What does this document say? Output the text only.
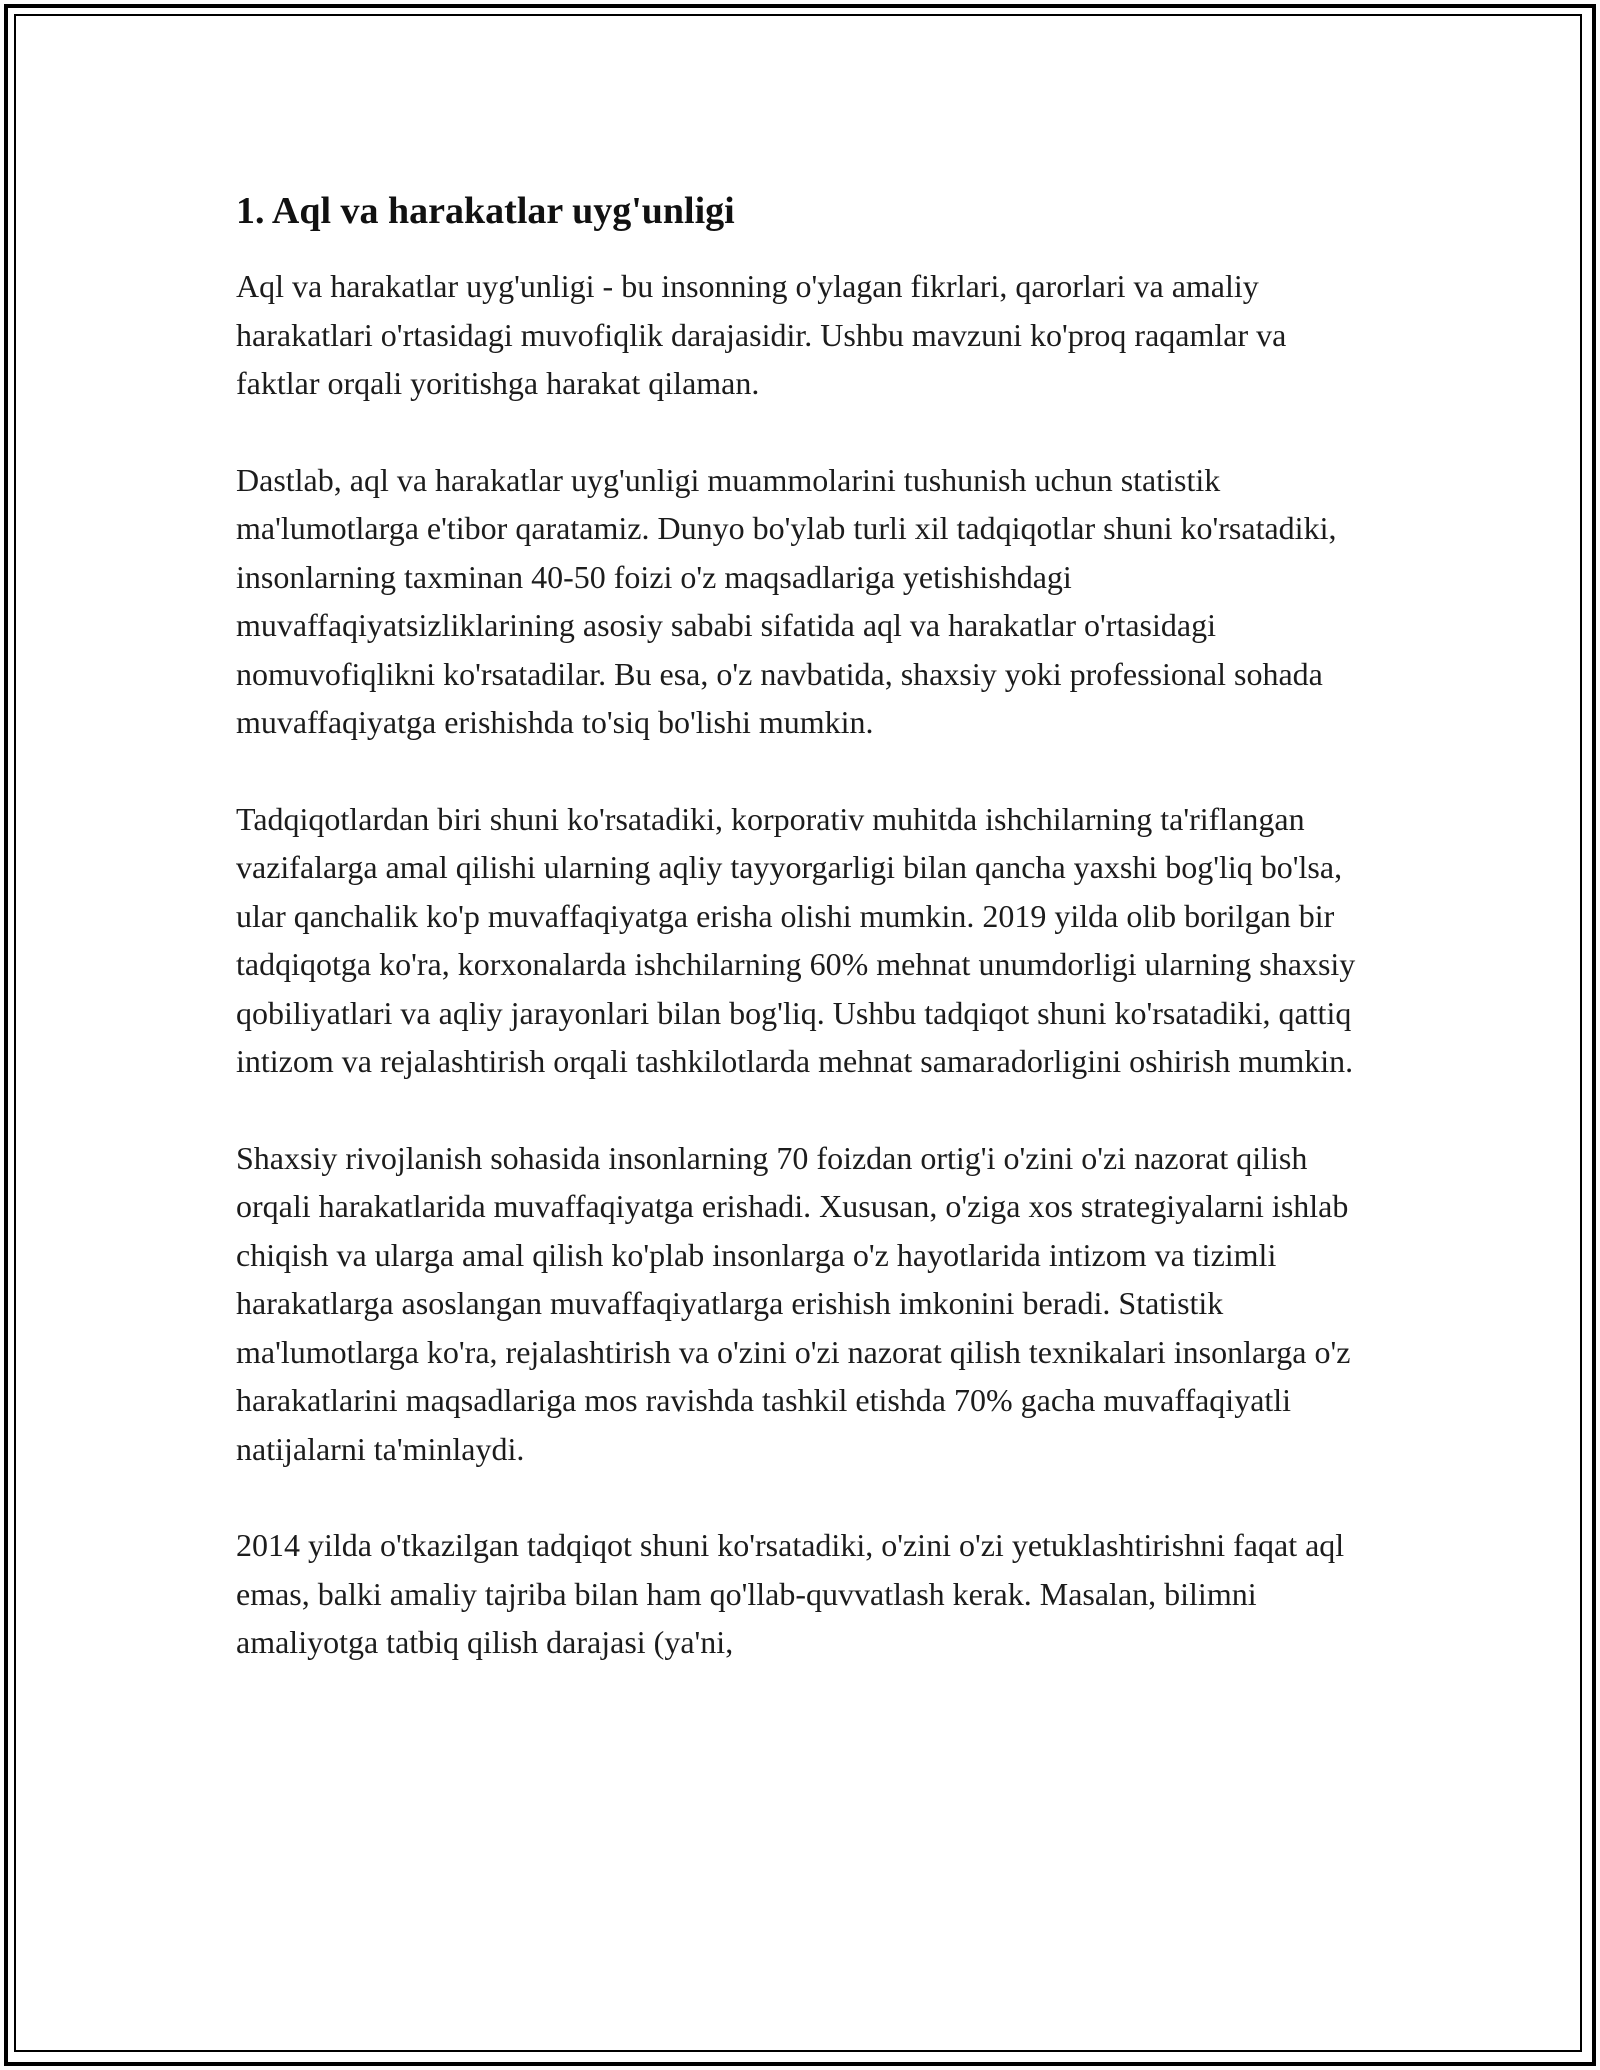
1. Aql va harakatlar uyg'unligi

Aql va harakatlar uyg'unligi - bu insonning o'ylagan fikrlari, qarorlari va amaliy harakatlari o'rtasidagi muvofiqlik darajasidir. Ushbu mavzuni ko'proq raqamlar va faktlar orqali yoritishga harakat qilaman.

Dastlab, aql va harakatlar uyg'unligi muammolarini tushunish uchun statistik ma'lumotlarga e'tibor qaratamiz. Dunyo bo'ylab turli xil tadqiqotlar shuni ko'rsatadiki, insonlarning taxminan 40-50 foizi o'z maqsadlariga yetishishdagi muvaffaqiyatsizliklarining asosiy sababi sifatida aql va harakatlar o'rtasidagi nomuvofiqlikni ko'rsatadilar. Bu esa, o'z navbatida, shaxsiy yoki professional sohada muvaffaqiyatga erishishda to'siq bo'lishi mumkin.

Tadqiqotlardan biri shuni ko'rsatadiki, korporativ muhitda ishchilarning ta'riflangan vazifalarga amal qilishi ularning aqliy tayyorgarligi bilan qancha yaxshi bog'liq bo'lsa, ular qanchalik ko'p muvaffaqiyatga erisha olishi mumkin. 2019 yilda olib borilgan bir tadqiqotga ko'ra, korxonalarda ishchilarning 60% mehnat unumdorligi ularning shaxsiy qobiliyatlari va aqliy jarayonlari bilan bog'liq. Ushbu tadqiqot shuni ko'rsatadiki, qattiq intizom va rejalashtirish orqali tashkilotlarda mehnat samaradorligini oshirish mumkin.

Shaxsiy rivojlanish sohasida insonlarning 70 foizdan ortig'i o'zini o'zi nazorat qilish orqali harakatlarida muvaffaqiyatga erishadi. Xususan, o'ziga xos strategiyalarni ishlab chiqish va ularga amal qilish ko'plab insonlarga o'z hayotlarida intizom va tizimli harakatlarga asoslangan muvaffaqiyatlarga erishish imkonini beradi. Statistik ma'lumotlarga ko'ra, rejalashtirish va o'zini o'zi nazorat qilish texnikalari insonlarga o'z harakatlarini maqsadlariga mos ravishda tashkil etishda 70% gacha muvaffaqiyatli natijalarni ta'minlaydi.

2014 yilda o'tkazilgan tadqiqot shuni ko'rsatadiki, o'zini o'zi yetuklashtirishni faqat aql emas, balki amaliy tajriba bilan ham qo'llab-quvvatlash kerak. Masalan, bilimni amaliyotga tatbiq qilish darajasi (ya'ni,
